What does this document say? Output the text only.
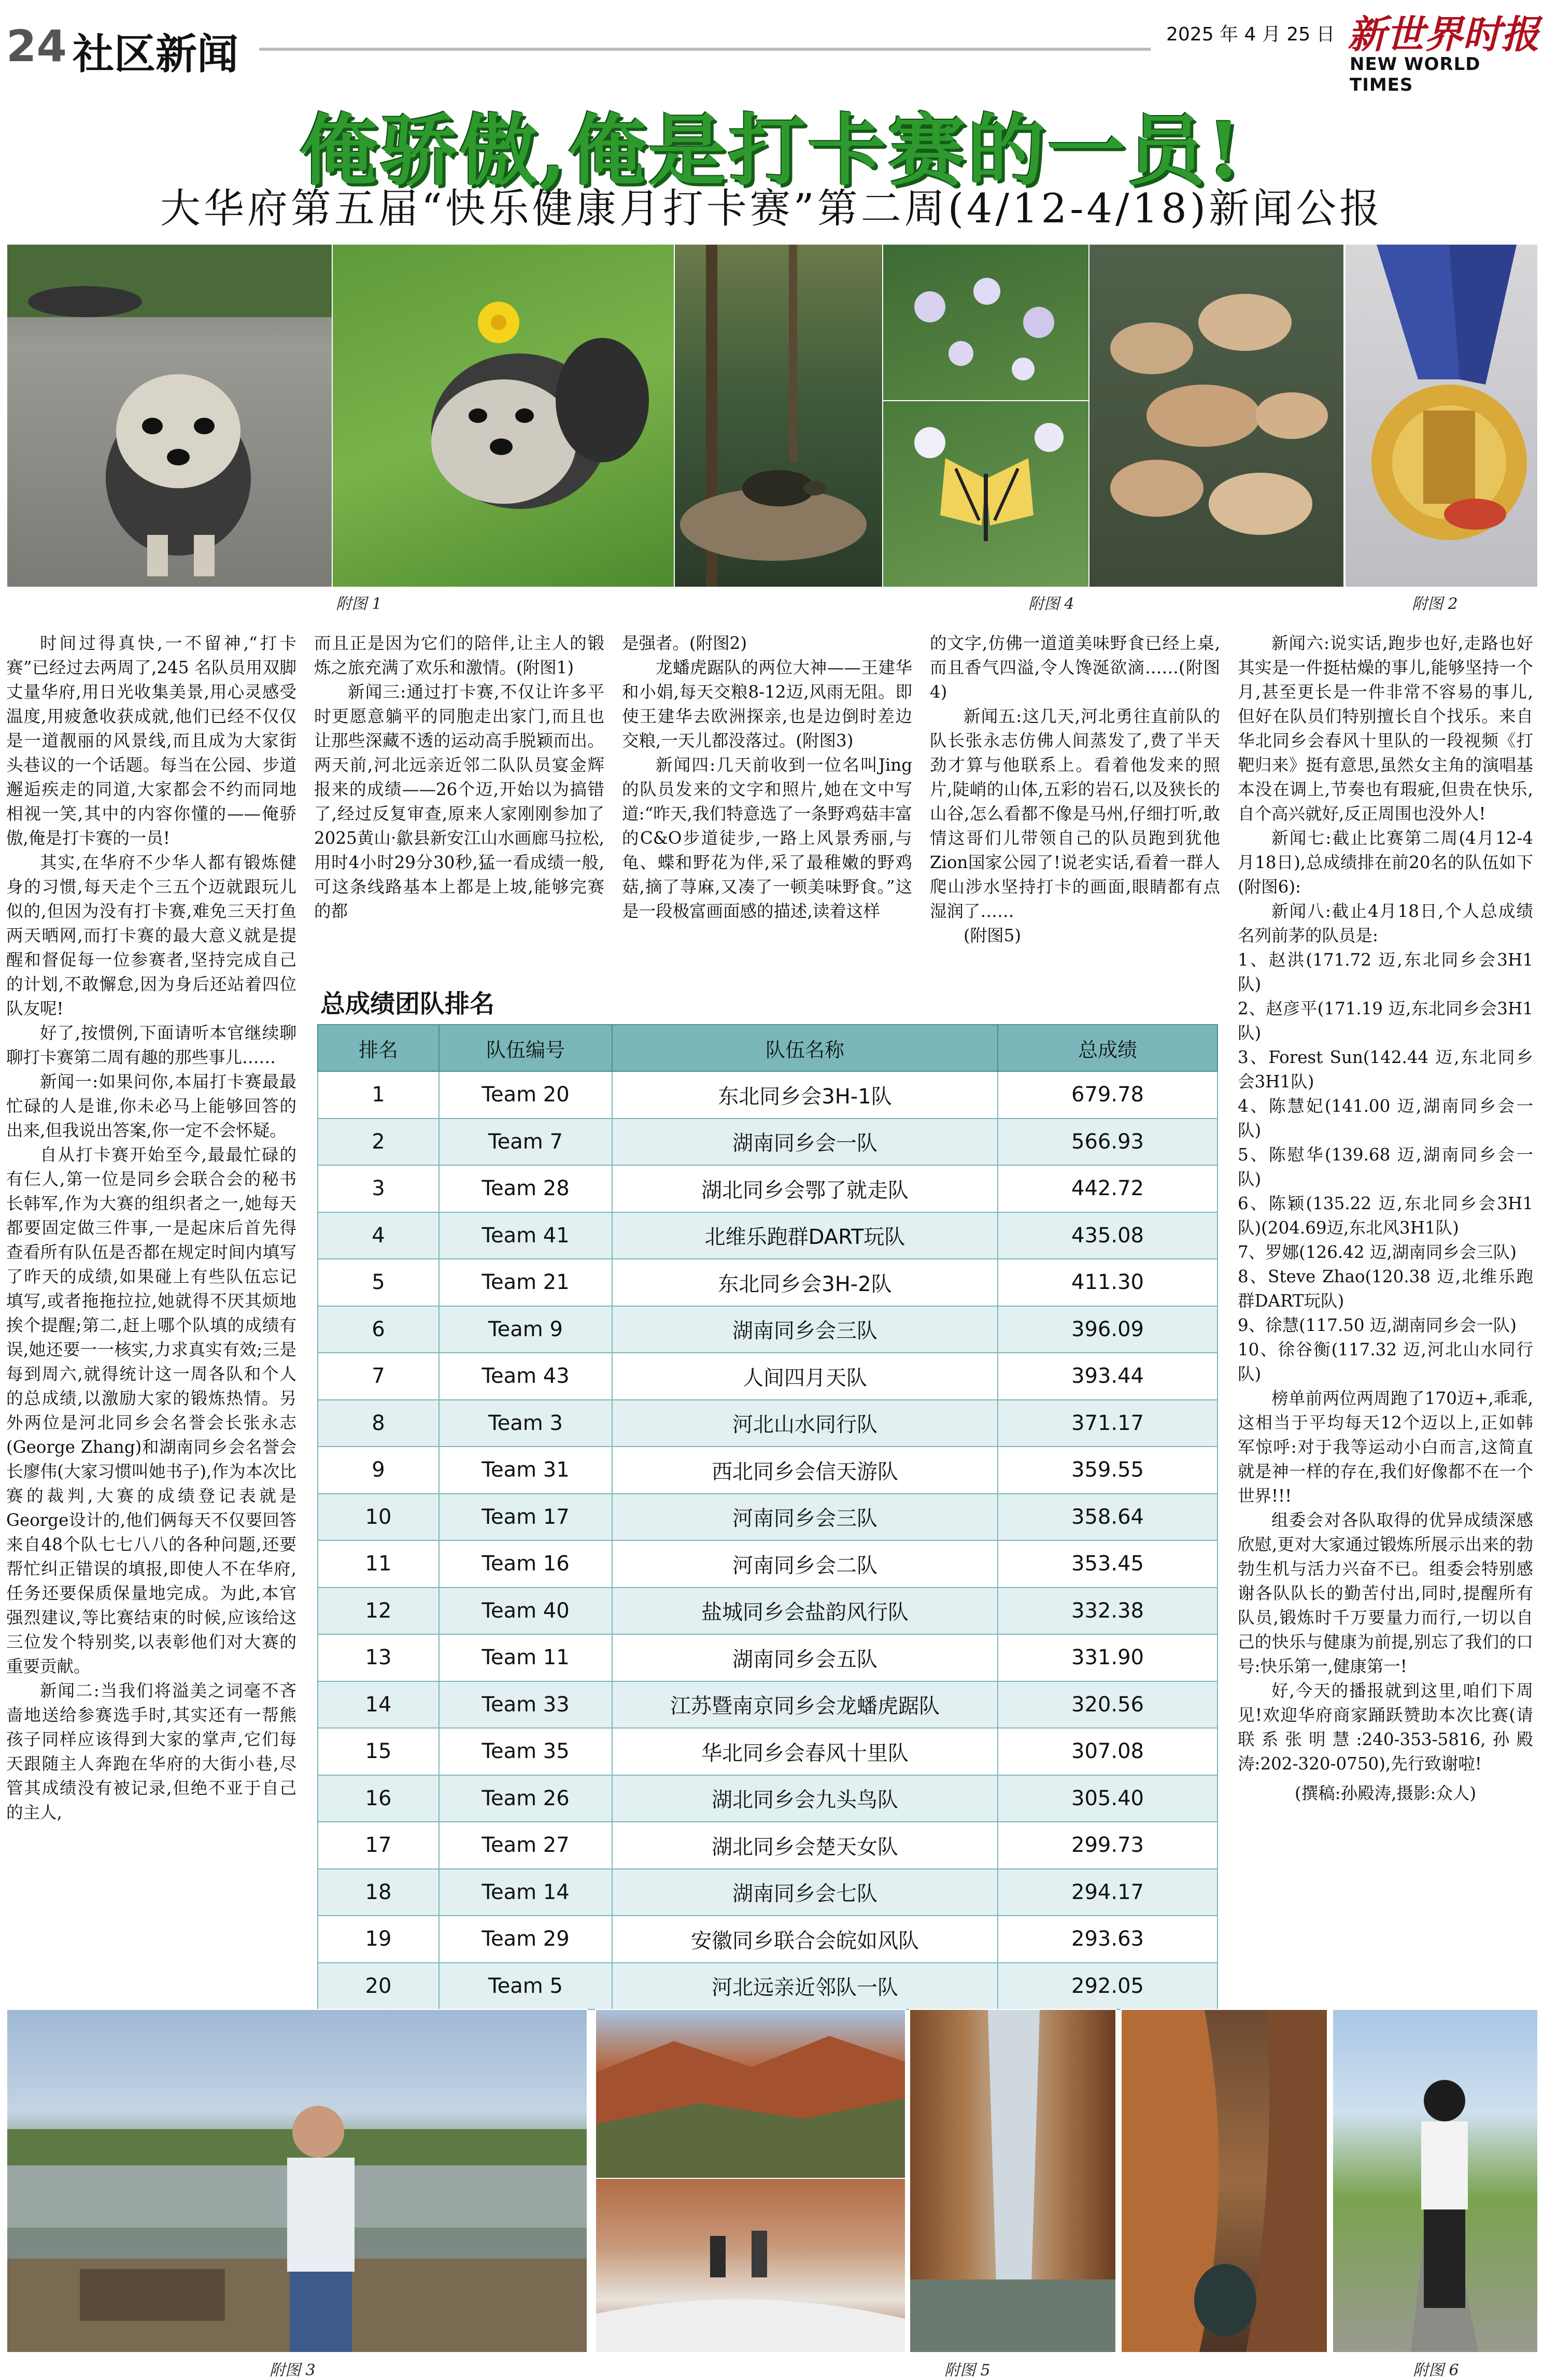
24 社区新闻	2025 年 4 月 25 日 新世界时报
NEW WORLD TIMES
俺骄傲,俺是打卡赛的一员!
大华府第五届“快乐健康月打卡赛”第二周(4/12-4/18)新闻公报
附图 1	附图 4	附图 2

时间过得真快,一不留神,“打卡赛”已经过去两周了,245 名队员用双脚丈量华府,用日光收集美景,用心灵感受温度,用疲惫收获成就,他们已经不仅仅是一道靓丽的风景线,而且成为大家街头巷议的一个话题。每当在公园、步道邂逅疾走的同道,大家都会不约而同地相视一笑,其中的内容你懂的——俺骄傲,俺是打卡赛的一员!

其实,在华府不少华人都有锻炼健身的习惯,每天走个三五个迈就跟玩儿似的,但因为没有打卡赛,难免三天打鱼两天晒网,而打卡赛的最大意义就是提醒和督促每一位参赛者,坚持完成自己的计划,不敢懈怠,因为身后还站着四位队友呢!

好了,按惯例,下面请听本官继续聊聊打卡赛第二周有趣的那些事儿……

新闻一:如果问你,本届打卡赛最最忙碌的人是谁,你未必马上能够回答的出来,但我说出答案,你一定不会怀疑。

自从打卡赛开始至今,最最忙碌的有仨人,第一位是同乡会联合会的秘书长韩军,作为大赛的组织者之一,她每天都要固定做三件事,一是起床后首先得查看所有队伍是否都在规定时间内填写了昨天的成绩,如果碰上有些队伍忘记填写,或者拖拖拉拉,她就得不厌其烦地挨个提醒;第二,赶上哪个队填的成绩有误,她还要一一核实,力求真实有效;三是每到周六,就得统计这一周各队和个人的总成绩,以激励大家的锻炼热情。另外两位是河北同乡会名誉会长张永志(George Zhang)和湖南同乡会名誉会长廖伟(大家习惯叫她书子),作为本次比赛的裁判,大赛的成绩登记表就是George设计的,他们俩每天不仅要回答来自48个队七七八八的各种问题,还要帮忙纠正错误的填报,即使人不在华府,任务还要保质保量地完成。为此,本官强烈建议,等比赛结束的时候,应该给这三位发个特别奖,以表彰他们对大赛的重要贡献。

新闻二:当我们将溢美之词毫不吝啬地送给参赛选手时,其实还有一帮熊孩子同样应该得到大家的掌声,它们每天跟随主人奔跑在华府的大街小巷,尽管其成绩没有被记录,但绝不亚于自己的主人,

而且正是因为它们的陪伴,让主人的锻炼之旅充满了欢乐和激情。(附图1)

新闻三:通过打卡赛,不仅让许多平时更愿意躺平的同胞走出家门,而且也让那些深藏不透的运动高手脱颖而出。两天前,河北远亲近邻二队队员宴金辉报来的成绩——26个迈,开始以为搞错了,经过反复审查,原来人家刚刚参加了2025黄山·歙县新安江山水画廊马拉松,用时4小时29分30秒,猛一看成绩一般,可这条线路基本上都是上坡,能够完赛的都

是强者。(附图2)

龙蟠虎踞队的两位大神——王建华和小娟,每天交粮8-12迈,风雨无阻。即使王建华去欧洲探亲,也是边倒时差边交粮,一天儿都没落过。(附图3)

新闻四:几天前收到一位名叫Jing的队员发来的文字和照片,她在文中写道:“昨天,我们特意选了一条野鸡菇丰富的C&O步道徒步,一路上风景秀丽,与龟、蝶和野花为伴,采了最稚嫩的野鸡菇,摘了荨麻,又凑了一顿美味野食。”这是一段极富画面感的描述,读着这样

的文字,仿佛一道道美味野食已经上桌,而且香气四溢,令人馋涎欲滴……(附图4)

新闻五:这几天,河北勇往直前队的队长张永志仿佛人间蒸发了,费了半天劲才算与他联系上。看着他发来的照片,陡峭的山体,五彩的岩石,以及狭长的山谷,怎么看都不像是马州,仔细打听,敢情这哥们儿带领自己的队员跑到犹他Zion国家公园了!说老实话,看着一群人爬山涉水坚持打卡的画面,眼睛都有点湿润了……

(附图5)

新闻六:说实话,跑步也好,走路也好其实是一件挺枯燥的事儿,能够坚持一个月,甚至更长是一件非常不容易的事儿,但好在队员们特别擅长自个找乐。来自华北同乡会春风十里队的一段视频《打靶归来》挺有意思,虽然女主角的演唱基本没在调上,节奏也有瑕疵,但贵在快乐,自个高兴就好,反正周围也没外人!

新闻七:截止比赛第二周(4月12-4月18日),总成绩排在前20名的队伍如下(附图6):

新闻八:截止4月18日,个人总成绩名列前茅的队员是:

1、赵洪(171.72 迈,东北同乡会3H1队)

2、赵彦平(171.19 迈,东北同乡会3H1队)

3、Forest Sun(142.44 迈,东北同乡会3H1队)

4、陈慧妃(141.00 迈,湖南同乡会一队)

5、陈慰华(139.68 迈,湖南同乡会一队)

6、陈颖(135.22 迈,东北同乡会3H1队)(204.69迈,东北风3H1队)

7、罗娜(126.42 迈,湖南同乡会三队)

8、Steve Zhao(120.38 迈,北维乐跑群DART玩队)

9、徐慧(117.50 迈,湖南同乡会一队)

10、徐谷衡(117.32 迈,河北山水同行队)

榜单前两位两周跑了170迈+,乖乖,这相当于平均每天12个迈以上,正如韩军惊呼:对于我等运动小白而言,这简直就是神一样的存在,我们好像都不在一个世界!!!

组委会对各队取得的优异成绩深感欣慰,更对大家通过锻炼所展示出来的勃勃生机与活力兴奋不已。组委会特别感谢各队队长的勤苦付出,同时,提醒所有队员,锻炼时千万要量力而行,一切以自己的快乐与健康为前提,别忘了我们的口号:快乐第一,健康第一!

好,今天的播报就到这里,咱们下周见!欢迎华府商家踊跃赞助本次比赛(请联系张明慧:240-353-5816,孙殿涛:202-320-0750),先行致谢啦!

(撰稿:孙殿涛,摄影:众人)

总成绩团队排名
排名	队伍编号	队伍名称	总成绩
1	Team 20	东北同乡会3H-1队	679.78
2	Team 7	湖南同乡会一队	566.93
3	Team 28	湖北同乡会鄂了就走队	442.72
4	Team 41	北维乐跑群DART玩队	435.08
5	Team 21	东北同乡会3H-2队	411.30
6	Team 9	湖南同乡会三队	396.09
7	Team 43	人间四月天队	393.44
8	Team 3	河北山水同行队	371.17
9	Team 31	西北同乡会信天游队	359.55
10	Team 17	河南同乡会三队	358.64
11	Team 16	河南同乡会二队	353.45
12	Team 40	盐城同乡会盐韵风行队	332.38
13	Team 11	湖南同乡会五队	331.90
14	Team 33	江苏暨南京同乡会龙蟠虎踞队	320.56
15	Team 35	华北同乡会春风十里队	307.08
16	Team 26	湖北同乡会九头鸟队	305.40
17	Team 27	湖北同乡会楚天女队	299.73
18	Team 14	湖南同乡会七队	294.17
19	Team 29	安徽同乡联合会皖如风队	293.63
20	Team 5	河北远亲近邻队一队	292.05
附图 3	附图 5	附图 6
